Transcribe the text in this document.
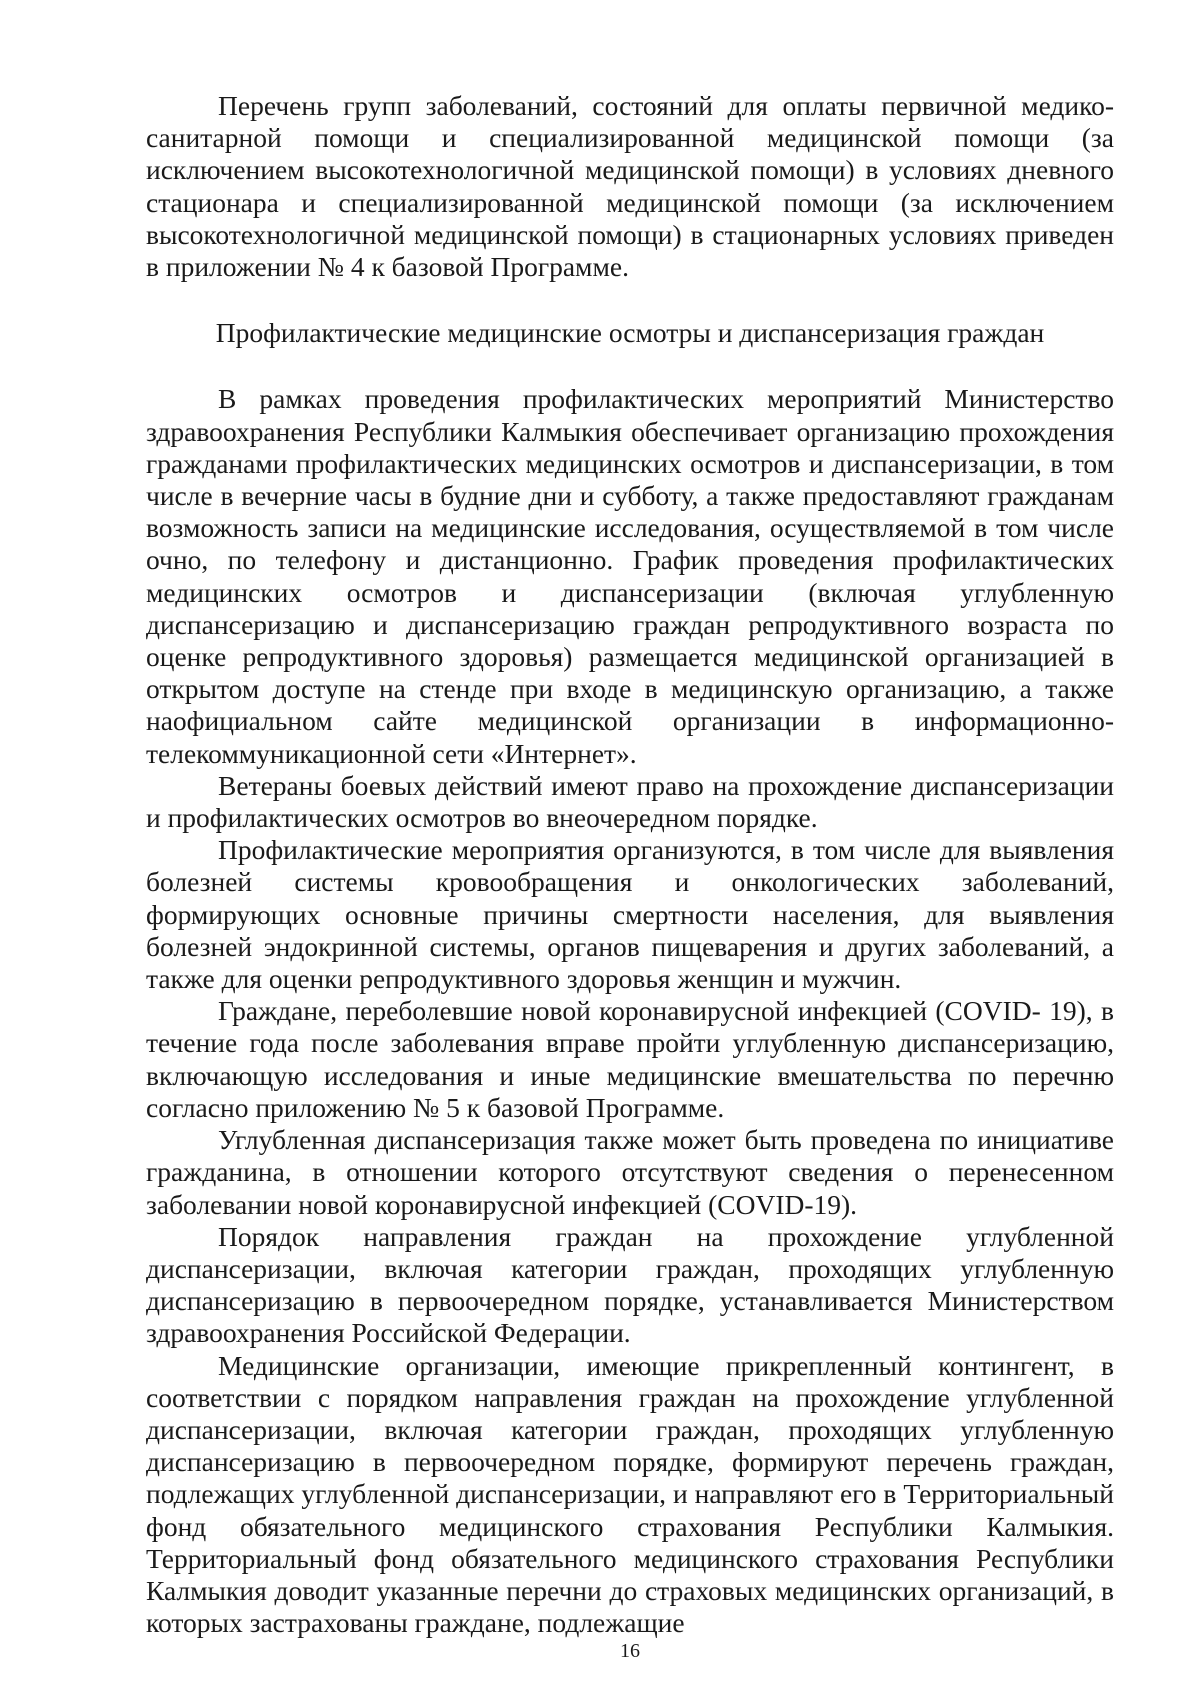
Перечень групп заболеваний, состояний для оплаты первичной медико-санитарной помощи и специализированной медицинской помощи (за исключением высокотехнологичной медицинской помощи) в условиях дневного стационара и специализированной медицинской помощи (за исключением высокотехнологичной медицинской помощи) в стационарных условиях приведен в приложении № 4 к базовой Программе.

Профилактические медицинские осмотры и диспансеризация граждан

В рамках проведения профилактических мероприятий Министерство здравоохранения Республики Калмыкия обеспечивает организацию прохождения гражданами профилактических медицинских осмотров и диспансеризации, в том числе в вечерние часы в будние дни и субботу, а также предоставляют гражданам возможность записи на медицинские исследования, осуществляемой в том числе очно, по телефону и дистанционно. График проведения профилактических медицинских осмотров и диспансеризации (включая углубленную диспансеризацию и диспансеризацию граждан репродуктивного возраста по оценке репродуктивного здоровья) размещается медицинской организацией в открытом доступе на стенде при входе в медицинскую организацию, а также наофициальном сайте медицинской организации в информационно-телекоммуникационной сети «Интернет».

Ветераны боевых действий имеют право на прохождение диспансеризации и профилактических осмотров во внеочередном порядке.

Профилактические мероприятия организуются, в том числе для выявления болезней системы кровообращения и онкологических заболеваний, формирующих основные причины смертности населения, для выявления болезней эндокринной системы, органов пищеварения и других заболеваний, а также для оценки репродуктивного здоровья женщин и мужчин.

Граждане, переболевшие новой коронавирусной инфекцией (COVID- 19), в течение года после заболевания вправе пройти углубленную диспансеризацию, включающую исследования и иные медицинские вмешательства по перечню согласно приложению № 5 к базовой Программе.

Углубленная диспансеризация также может быть проведена по инициативе гражданина, в отношении которого отсутствуют сведения о перенесенном заболевании новой коронавирусной инфекцией (COVID-19).

Порядок направления граждан на прохождение углубленной диспансеризации, включая категории граждан, проходящих углубленную диспансеризацию в первоочередном порядке, устанавливается Министерством здравоохранения Российской Федерации.

Медицинские организации, имеющие прикрепленный контингент, в соответствии с порядком направления граждан на прохождение углубленной диспансеризации, включая категории граждан, проходящих углубленную диспансеризацию в первоочередном порядке, формируют перечень граждан, подлежащих углубленной диспансеризации, и направляют его в Территориальный фонд обязательного медицинского страхования Республики Калмыкия. Территориальный фонд обязательного медицинского страхования Республики Калмыкия доводит указанные перечни до страховых медицинских организаций, в которых застрахованы граждане, подлежащие

16
